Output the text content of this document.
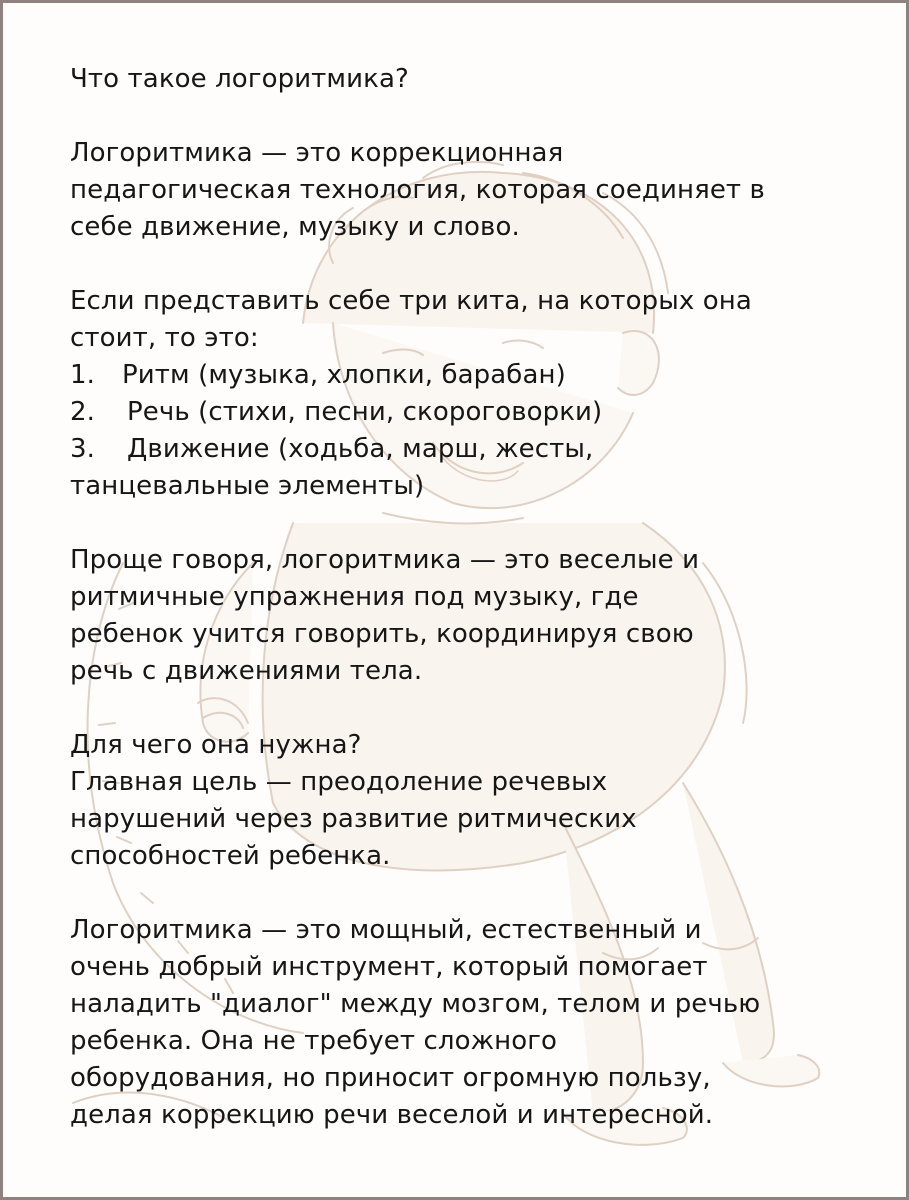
Что такое логоритмика?
Логоритмика — это коррекционная
педагогическая технология, которая соединяет в
себе движение, музыку и слово.
Если представить себе три кита, на которых она
стоит, то это:
1. Ритм (музыка, хлопки, барабан)
2. Речь (стихи, песни, скороговорки)
3. Движение (ходьба, марш, жесты,
танцевальные элементы)
Проще говоря, логоритмика — это веселые и
ритмичные упражнения под музыку, где
ребенок учится говорить, координируя свою
речь с движениями тела.
Для чего она нужна?
Главная цель — преодоление речевых
нарушений через развитие ритмических
способностей ребенка.
Логоритмика — это мощный, естественный и
очень добрый инструмент, который помогает
наладить "диалог" между мозгом, телом и речью
ребенка. Она не требует сложного
оборудования, но приносит огромную пользу,
делая коррекцию речи веселой и интересной.
